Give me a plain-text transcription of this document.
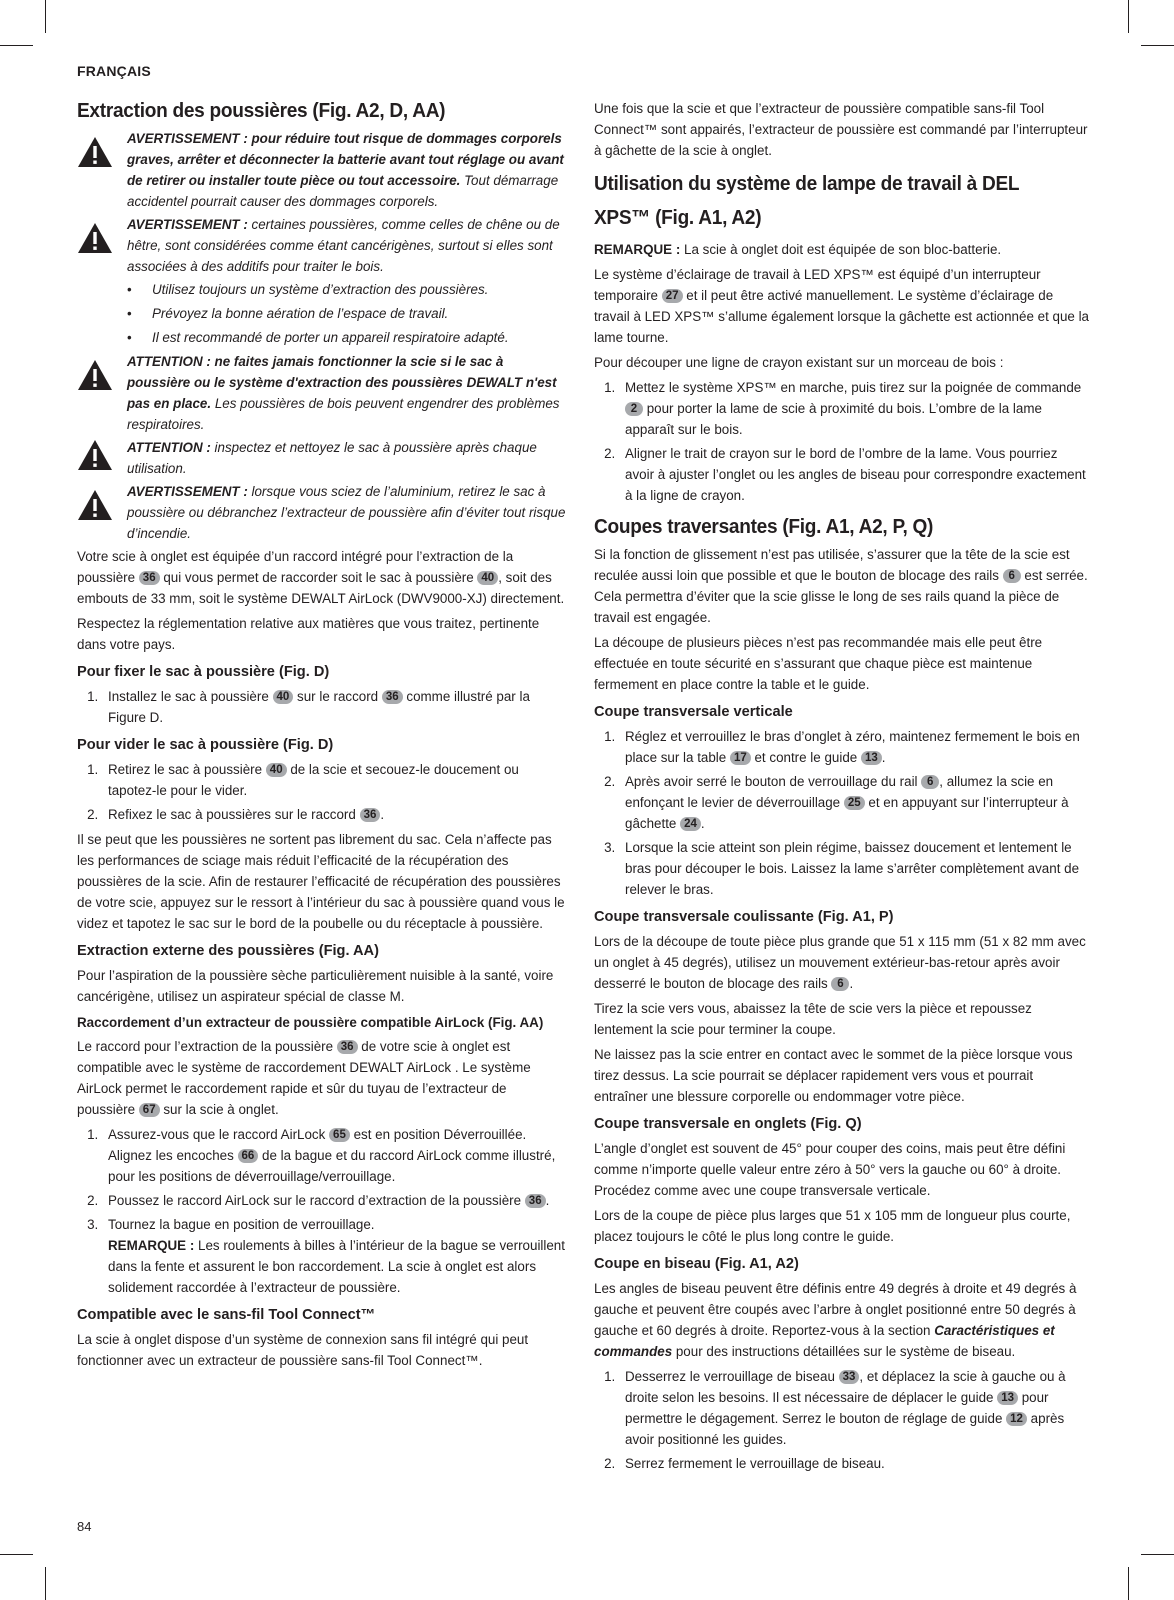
FRANÇAIS
Extraction des poussières (Fig. A2, D, AA)
AVERTISSEMENT : pour réduire tout risque de dommages corporels graves, arrêter et déconnecter la batterie avant tout réglage ou avant de retirer ou installer toute pièce ou tout accessoire. Tout démarrage accidentel pourrait causer des dommages corporels.
AVERTISSEMENT : certaines poussières, comme celles de chêne ou de hêtre, sont considérées comme étant cancérigènes, surtout si elles sont associées à des additifs pour traiter le bois.
• Utilisez toujours un système d’extraction des poussières.
• Prévoyez la bonne aération de l’espace de travail.
• Il est recommandé de porter un appareil respiratoire adapté.
ATTENTION : ne faites jamais fonctionner la scie si le sac à poussière ou le système d'extraction des poussières DEWALT n'est pas en place. Les poussières de bois peuvent engendrer des problèmes respiratoires.
ATTENTION : inspectez et nettoyez le sac à poussière après chaque utilisation.
AVERTISSEMENT : lorsque vous sciez de l’aluminium, retirez le sac à poussière ou débranchez l’extracteur de poussière afin d’éviter tout risque d’incendie.

Votre scie à onglet est équipée d’un raccord intégré pour l’extraction de la poussière 36 qui vous permet de raccorder soit le sac à poussière 40 , soit des embouts de 33 mm, soit le système DEWALT AirLock (DWV9000-XJ) directement.

Respectez la réglementation relative aux matières que vous traitez, pertinente dans votre pays.

Pour fixer le sac à poussière (Fig. D)
1. Installez le sac à poussière 40 sur le raccord 36 comme illustré par la Figure D.
Pour vider le sac à poussière (Fig. D)
1. Retirez le sac à poussière 40 de la scie et secouez-le doucement ou tapotez-le pour le vider.
2. Refixez le sac à poussières sur le raccord 36 .

Il se peut que les poussières ne sortent pas librement du sac. Cela n’affecte pas les performances de sciage mais réduit l’efficacité de la récupération des poussières de la scie. Afin de restaurer l’efficacité de récupération des poussières de votre scie, appuyez sur le ressort à l’intérieur du sac à poussière quand vous le videz et tapotez le sac sur le bord de la poubelle ou du réceptacle à poussière.

Extraction externe des poussières (Fig. AA)

Pour l’aspiration de la poussière sèche particulièrement nuisible à la santé, voire cancérigène, utilisez un aspirateur spécial de classe M.

Raccordement d’un extracteur de poussière compatible AirLock (Fig. AA)

Le raccord pour l’extraction de la poussière 36 de votre scie à onglet est compatible avec le système de raccordement DEWALT AirLock . Le système AirLock permet le raccordement rapide et sûr du tuyau de l’extracteur de poussière 67 sur la scie à onglet.

1. Assurez-vous que le raccord AirLock 65 est en position Déverrouillée. Alignez les encoches 66 de la bague et du raccord AirLock comme illustré, pour les positions de déverrouillage/verrouillage.
2. Poussez le raccord AirLock sur le raccord d’extraction de la poussière 36 .
3. Tournez la bague en position de verrouillage.
REMARQUE : Les roulements à billes à l’intérieur de la bague se verrouillent dans la fente et assurent le bon raccordement. La scie à onglet est alors solidement raccordée à l’extracteur de poussière.
Compatible avec le sans-fil Tool Connect™

La scie à onglet dispose d’un système de connexion sans fil intégré qui peut fonctionner avec un extracteur de poussière sans-fil Tool Connect™.

Une fois que la scie et que l’extracteur de poussière compatible sans-fil Tool Connect™ sont appairés, l’extracteur de poussière est commandé par l’interrupteur à gâchette de la scie à onglet.

Utilisation du système de lampe de travail à DEL XPS™ (Fig. A1, A2)

REMARQUE : La scie à onglet doit est équipée de son bloc-batterie.

Le système d’éclairage de travail à LED XPS™ est équipé d’un interrupteur temporaire 27 et il peut être activé manuellement. Le système d’éclairage de travail à LED XPS™ s’allume également lorsque la gâchette est actionnée et que la lame tourne.

Pour découper une ligne de crayon existant sur un morceau de bois :

1. Mettez le système XPS™ en marche, puis tirez sur la poignée de commande 2 pour porter la lame de scie à proximité du bois. L’ombre de la lame apparaît sur le bois.
2. Aligner le trait de crayon sur le bord de l’ombre de la lame. Vous pourriez avoir à ajuster l’onglet ou les angles de biseau pour correspondre exactement à la ligne de crayon.
Coupes traversantes (Fig. A1, A2, P, Q)

Si la fonction de glissement n’est pas utilisée, s’assurer que la tête de la scie est reculée aussi loin que possible et que le bouton de blocage des rails 6 est serrée. Cela permettra d’éviter que la scie glisse le long de ses rails quand la pièce de travail est engagée.

La découpe de plusieurs pièces n’est pas recommandée mais elle peut être effectuée en toute sécurité en s’assurant que chaque pièce est maintenue fermement en place contre la table et le guide.

Coupe transversale verticale
1. Réglez et verrouillez le bras d’onglet à zéro, maintenez fermement le bois en place sur la table 17 et contre le guide 13 .
2. Après avoir serré le bouton de verrouillage du rail 6 , allumez la scie en enfonçant le levier de déverrouillage 25 et en appuyant sur l’interrupteur à gâchette 24 .
3. Lorsque la scie atteint son plein régime, baissez doucement et lentement le bras pour découper le bois. Laissez la lame s’arrêter complètement avant de relever le bras.
Coupe transversale coulissante (Fig. A1, P)

Lors de la découpe de toute pièce plus grande que 51 x 115 mm (51 x 82 mm avec un onglet à 45 degrés), utilisez un mouvement extérieur-bas-retour après avoir desserré le bouton de blocage des rails 6 .

Tirez la scie vers vous, abaissez la tête de scie vers la pièce et repoussez lentement la scie pour terminer la coupe.

Ne laissez pas la scie entrer en contact avec le sommet de la pièce lorsque vous tirez dessus. La scie pourrait se déplacer rapidement vers vous et pourrait entraîner une blessure corporelle ou endommager votre pièce.

Coupe transversale en onglets (Fig. Q)

L’angle d’onglet est souvent de 45° pour couper des coins, mais peut être défini comme n’importe quelle valeur entre zéro à 50° vers la gauche ou 60° à droite. Procédez comme avec une coupe transversale verticale.

Lors de la coupe de pièce plus larges que 51 x 105 mm de longueur plus courte, placez toujours le côté le plus long contre le guide.

Coupe en biseau (Fig. A1, A2)

Les angles de biseau peuvent être définis entre 49 degrés à droite et 49 degrés à gauche et peuvent être coupés avec l’arbre à onglet positionné entre 50 degrés à gauche et 60 degrés à droite. Reportez-vous à la section Caractéristiques et commandes pour des instructions détaillées sur le système de biseau.

1. Desserrez le verrouillage de biseau 33 , et déplacez la scie à gauche ou à droite selon les besoins. Il est nécessaire de déplacer le guide 13 pour permettre le dégagement. Serrez le bouton de réglage de guide 12 après avoir positionné les guides.
2. Serrez fermement le verrouillage de biseau.
84
